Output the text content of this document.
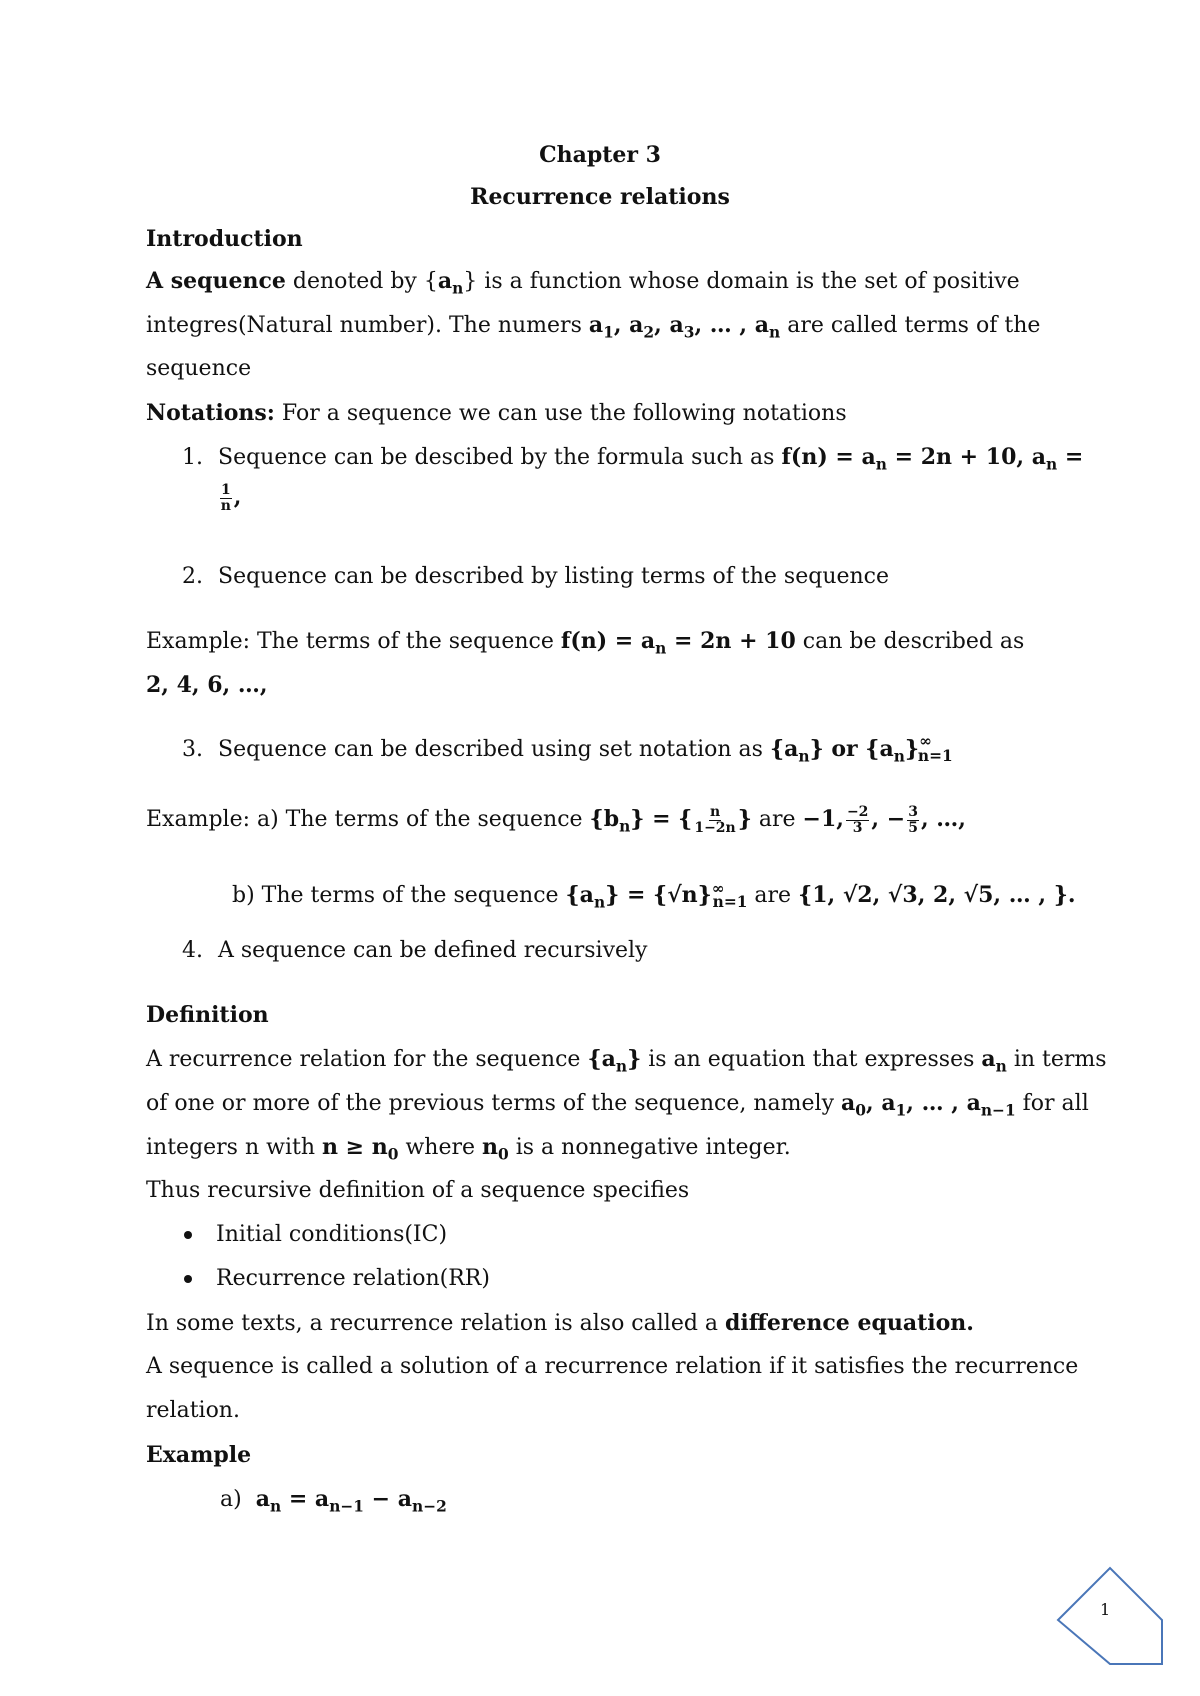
Chapter 3
Recurrence relations
Introduction
A sequence denoted by $\{a_n\}$ is a function whose domain is the set of positive
integres(Natural number). The numers $a_1$, $a_2$, $a_3$, … , $a_n$ are called terms of the
sequence
Notations: For a sequence we can use the following notations
1. Sequence can be descibed by the formula such as $f(n) = a_n = 2n + 10$, $a_n$ =
$\frac{1}{n}$ ,
2. Sequence can be described by listing terms of the sequence
Example: The terms of the sequence $f(n) = a_n = 2n + 10$ can be described as
2, 4, 6, …,
3. Sequence can be described using set notation as $\{a_n\}$ or $\{a_n\}^\infty_{n=1}$
Example: a) The terms of the sequence $\{b_n\}$ = { $\frac{n}{1-2n}$ } are −1, $\frac{-2}{3}$ , − $\frac{3}{5}$ , …,
b) The terms of the sequence $\{a_n\} = \{√n\}^\infty_{n=1}$ are {1, √2, √3, 2, √5, … , }.
4. A sequence can be defined recursively
Definition
A recurrence relation for the sequence $\{a_n\}$ is an equation that expresses $a_n$ in terms
of one or more of the previous terms of the sequence, namely $a_0$, $a_1$, … , $a_{n-1}$ for all
integers n with $n \ge n_0$ where $n_0$ is a nonnegative integer.
Thus recursive definition of a sequence specifies
Initial conditions(IC)
Recurrence relation(RR)
In some texts, a recurrence relation is also called a difference equation.
A sequence is called a solution of a recurrence relation if it satisfies the recurrence
relation.
Example
a) $a_n = a_{n-1} - a_{n-2}$
1
